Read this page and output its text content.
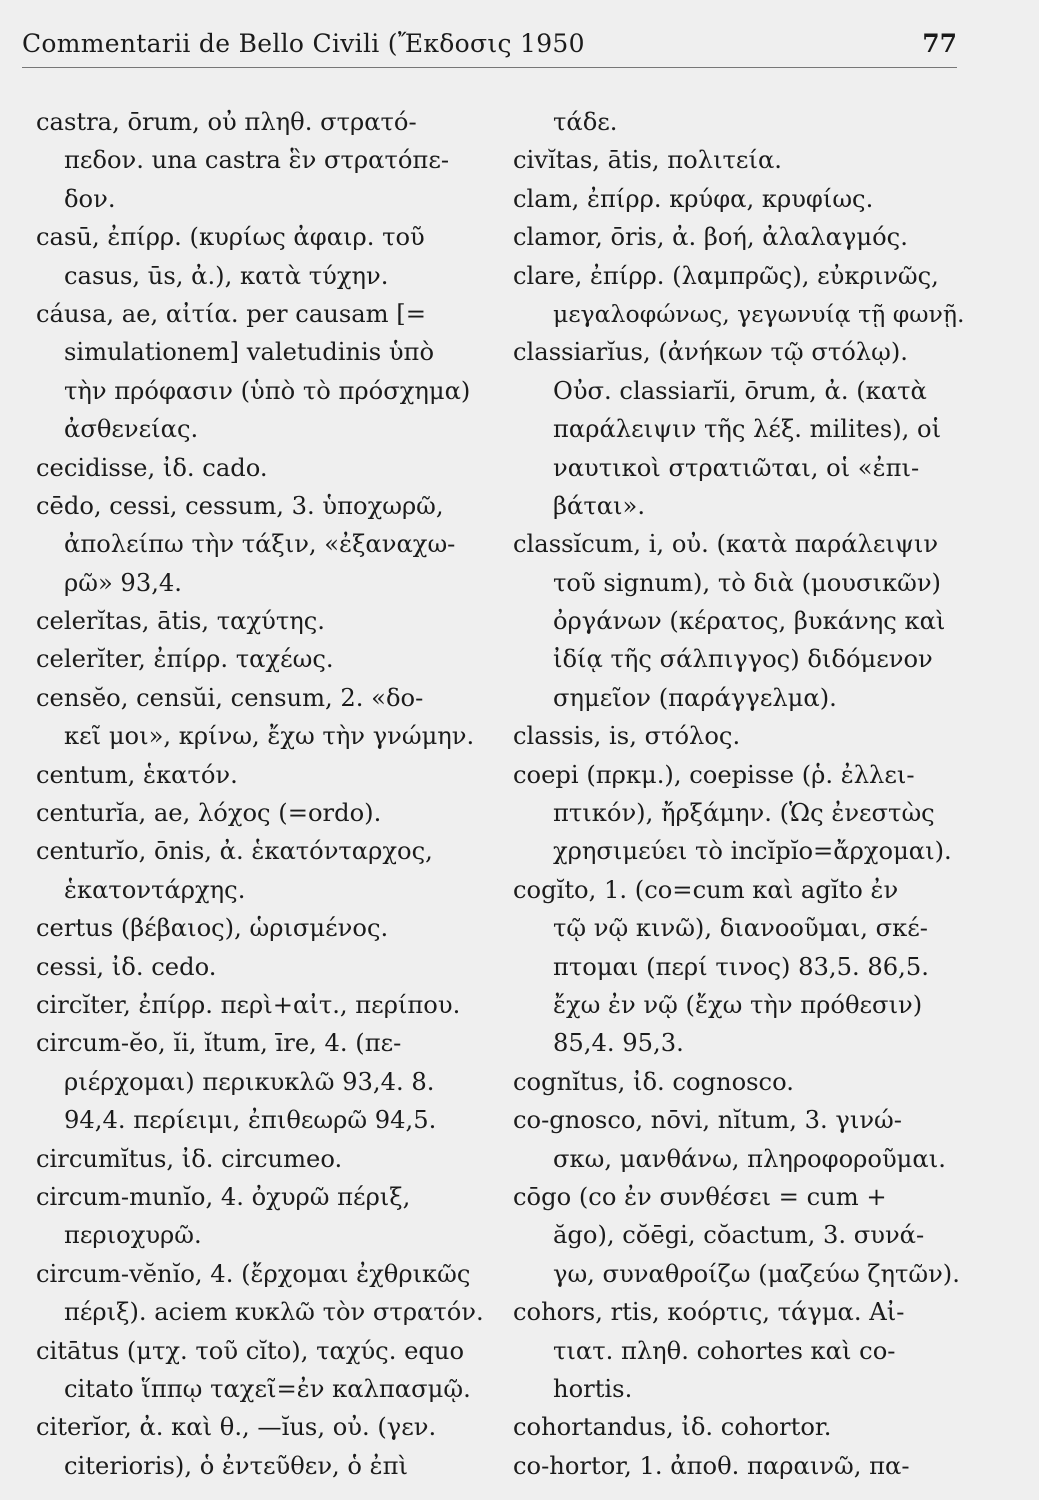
Commentarii de Bello Civili (Ἔκδοσις 1950	77
castra, ōrum, οὐ πληθ. στρατό-
πεδον. una castra ἓν στρατόπε-
δον.
casū, ἐπίρρ. (κυρίως ἀφαιρ. τοῦ
casus, ūs, ἀ.), κατὰ τύχην.
cáusa, ae, αἰτία. per causam [=
simulationem] valetudinis ὑπὸ
τὴν πρόφασιν (ὑπὸ τὸ πρόσχημα)
ἀσθενείας.
cecidisse, ἰδ. cado.
cēdo, cessi, cessum, 3. ὑποχωρῶ,
ἀπολείπω τὴν τάξιν, «ἐξαναχω-
ρῶ» 93,4.
celerĭtas, ātis, ταχύτης.
celerĭter, ἐπίρρ. ταχέως.
censĕo, censŭi, censum, 2. «δο-
κεῖ μοι», κρίνω, ἔχω τὴν γνώμην.
centum, ἑκατόν.
centurĭa, ae, λόχος (=ordo).
centurĭo, ōnis, ἀ. ἑκατόνταρχος,
ἑκατοντάρχης.
certus (βέβαιος), ὡρισμένος.
cessi, ἰδ. cedo.
circĭter, ἐπίρρ. περὶ+αἰτ., περίπου.
circum-ĕo, ĭi, ĭtum, īre, 4. (πε-
ριέρχομαι) περικυκλῶ 93,4. 8.
94,4. περίειμι, ἐπιθεωρῶ 94,5.
circumĭtus, ἰδ. circumeo.
circum-munĭo, 4. ὀχυρῶ πέριξ,
περιοχυρῶ.
circum-vĕnĭo, 4. (ἔρχομαι ἐχθρικῶς
πέριξ). aciem κυκλῶ τὸν στρατόν.
citātus (μτχ. τοῦ cĭto), ταχύς. equo
citato ἵππῳ ταχεῖ=ἐν καλπασμῷ.
citerĭor, ἀ. καὶ θ., —ĭus, οὐ. (γεν.
citerioris), ὁ ἐντεῦθεν, ὁ ἐπὶ
τάδε.
civĭtas, ātis, πολιτεία.
clam, ἐπίρρ. κρύφα, κρυφίως.
clamor, ōris, ἀ. βοή, ἀλαλαγμός.
clare, ἐπίρρ. (λαμπρῶς), εὐκρινῶς,
μεγαλοφώνως, γεγωνυίᾳ τῇ φωνῇ.
classiarĭus, (ἀνήκων τῷ στόλῳ).
Οὐσ. classiarĭi, ōrum, ἀ. (κατὰ
παράλειψιν τῆς λέξ. milites), οἱ
ναυτικοὶ στρατιῶται, οἱ «ἐπι-
βάται».
classĭcum, i, οὐ. (κατὰ παράλειψιν
τοῦ signum), τὸ διὰ (μουσικῶν)
ὀργάνων (κέρατος, βυκάνης καὶ
ἰδίᾳ τῆς σάλπιγγος) διδόμενον
σημεῖον (παράγγελμα).
classis, is, στόλος.
coepi (πρκμ.), coepisse (ῥ. ἐλλει-
πτικόν), ἤρξάμην. (Ὡς ἐνεστὼς
χρησιμεύει τὸ incĭpĭo=ἄρχομαι).
cogĭto, 1. (co=cum καὶ agĭto ἐν
τῷ νῷ κινῶ), διανοοῦμαι, σκέ-
πτομαι (περί τινος) 83,5. 86,5.
ἔχω ἐν νῷ (ἔχω τὴν πρόθεσιν)
85,4. 95,3.
cognĭtus, ἰδ. cognosco.
co-gnosco, nōvi, nĭtum, 3. γινώ-
σκω, μανθάνω, πληροφοροῦμαι.
cōgo (co ἐν συνθέσει = cum +
ăgo), cŏēgi, cŏactum, 3. συνά-
γω, συναθροίζω (μαζεύω ζητῶν).
cohors, rtis, κοόρτις, τάγμα. Αἰ-
τιατ. πληθ. cohortes καὶ co-
hortis.
cohortandus, ἰδ. cohortor.
co-hortor, 1. ἀποθ. παραινῶ, πα-
